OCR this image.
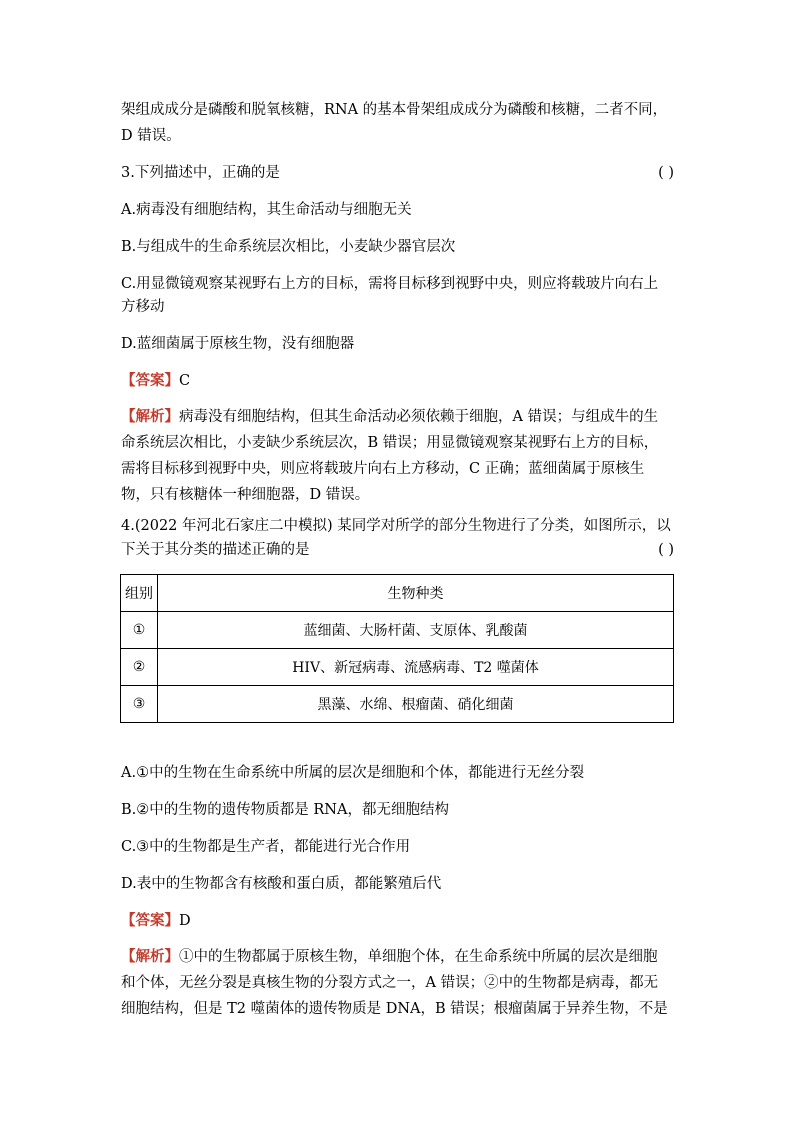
架组成成分是磷酸和脱氧核糖，RNA 的基本骨架组成成分为磷酸和核糖，二者不同，
D 错误。
3.下列描述中，正确的是	( )
A.病毒没有细胞结构，其生命活动与细胞无关
B.与组成牛的生命系统层次相比，小麦缺少器官层次
C.用显微镜观察某视野右上方的目标，需将目标移到视野中央，则应将载玻片向右上
方移动
D.蓝细菌属于原核生物，没有细胞器
【答案】C
【解析】病毒没有细胞结构，但其生命活动必须依赖于细胞，A 错误；与组成牛的生
命系统层次相比，小麦缺少系统层次，B 错误；用显微镜观察某视野右上方的目标，
需将目标移到视野中央，则应将载玻片向右上方移动，C 正确；蓝细菌属于原核生
物，只有核糖体一种细胞器，D 错误。
4.(2022 年河北石家庄二中模拟) 某同学对所学的部分生物进行了分类，如图所示，以
下关于其分类的描述正确的是	( )
组别	生物种类
①	蓝细菌、大肠杆菌、支原体、乳酸菌
②	HIV、新冠病毒、流感病毒、T2 噬菌体
③	黑藻、水绵、根瘤菌、硝化细菌
A.①中的生物在生命系统中所属的层次是细胞和个体，都能进行无丝分裂
B.②中的生物的遗传物质都是 RNA，都无细胞结构
C.③中的生物都是生产者，都能进行光合作用
D.表中的生物都含有核酸和蛋白质，都能繁殖后代
【答案】D
【解析】①中的生物都属于原核生物，单细胞个体，在生命系统中所属的层次是细胞
和个体，无丝分裂是真核生物的分裂方式之一，A 错误；②中的生物都是病毒，都无
细胞结构，但是 T2 噬菌体的遗传物质是 DNA，B 错误；根瘤菌属于异养生物，不是
